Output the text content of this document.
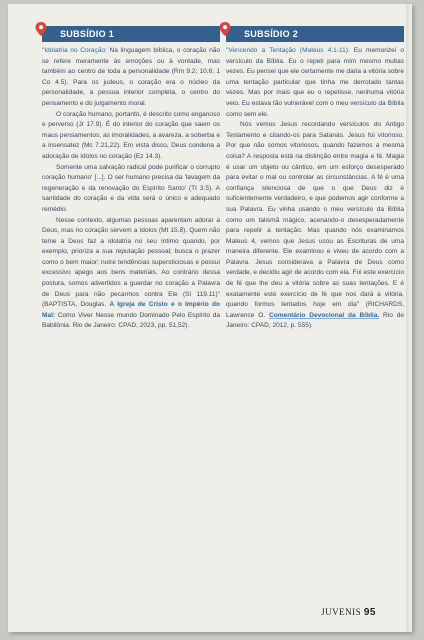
SUBSÍDIO 1

"Idolatria no Coração: Na linguagem bíblica, o coração não se refere meramente às emoções ou à vontade, mas também ao centro de toda a personalidade (Rm 9.2; 10.6; 1 Co 4.5). Para os judeus, o coração era o núcleo da personalidade, a pessoa interior completa, o centro do pensamento e do julgamento moral.

O coração humano, portanto, é descrito como enganoso e perverso (Jr 17.9). É do interior do coração que saem os maus pensamentos, as imoralidades, a avareza, a soberba e a insensatez (Mc 7.21,22). Em vista disso, Deus condena a adoração de ídolos no coração (Ez 14.3).

Somente uma salvação radical pode purificar o corrupto coração humano' [...]. O ser humano precisa da 'lavagem da regeneração e da renovação do Espírito Santo' (Tt 3.5). A santidade do coração e da vida será o único e adequado remédio.

Nesse contexto, algumas pessoas aparentam adorar a Deus, mas no coração servem a ídolos (Mt 15.8). Quem não teme a Deus faz a idolatria no seu íntimo quando, por exemplo, prioriza a sua reputação pessoal; busca o prazer como o bem maior; nutre tendências supersticiosas e possui excessivo apego aos bens materiais. Ao contrário dessa postura, somos advertidos a guardar no coração a Palavra de Deus para não pecarmos contra Ele (Sl 119.11)" (BAPTISTA, Douglas. A Igreja de Cristo e o Império do Mal: Como Viver Nesse mundo Dominado Pelo Espírito da Babilônia. Rio de Janeiro: CPAD, 2023, pp. 51,52).

SUBSÍDIO 2

"Vencendo a Tentação (Mateus 4.1-11): Eu memorizei o versículo da Bíblia. Eu o repeti para mim mesmo muitas vezes. Eu pensei que ele certamente me daria a vitória sobre uma tentação particular que tinha me derrotado tantas vezes. Mas por mais que eu o repetisse, nenhuma vitória veio. Eu estava tão vulnerável com o meu versículo da Bíblia como sem ele.

Nós vemos Jesus recordando versículos do Antigo Testamento e citando-os para Satanás. Jesus foi vitorioso. Por que não somos vitoriosos, quando fazemos a mesma coisa? A resposta está na distinção entre magia e fé. Magia é usar um objeto ou cântico, em um esforço desesperado para evitar o mal ou controlar as circunstâncias. A fé é uma confiança silenciosa de que o que Deus diz é suficientemente verdadeiro, e que podemos agir conforme a sua Palavra. Eu vinha usando o meu versículo da Bíblia como um talismã mágico, acenando-o desesperadamente para repelir a tentação. Mas quando nós examinamos Mateus 4, vemos que Jesus usou as Escrituras de uma maneira diferente. Ele examinou e viveu de acordo com a Palavra. Jesus considerava a Palavra de Deus como verdade, e decidiu agir de acordo com ela. Foi este exercício de fé que lhe deu a vitória sobre as suas tentações. E é exatamente este exercício de fé que nos dará a vitória, quando formos tentados hoje em dia" (RICHARDS, Lawrence O. Comentário Devocional da Bíblia. Rio de Janeiro: CPAD, 2012, p. 555).

JUVENIS 95
